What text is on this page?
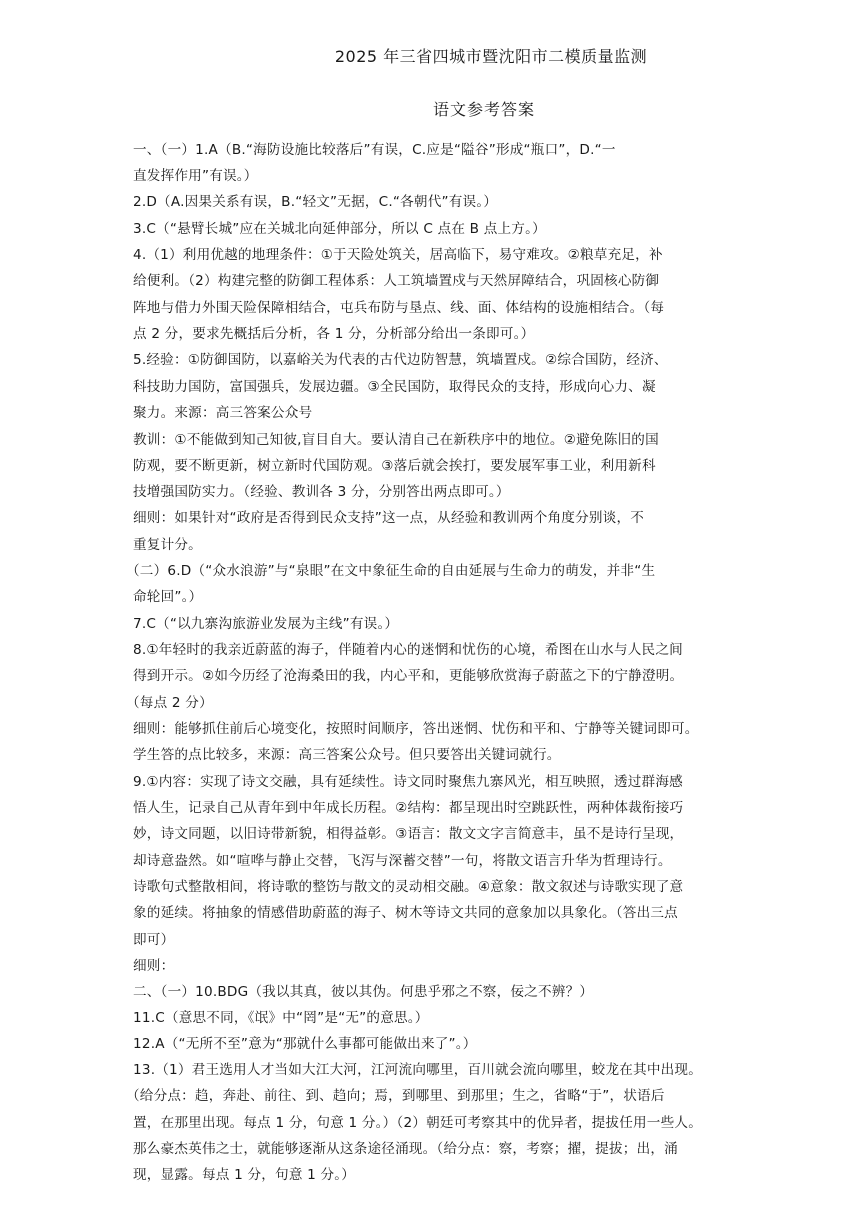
2025 年三省四城市暨沈阳市二模质量监测
语文参考答案
一、（一）1.A（B.“海防设施比较落后”有误，C.应是“隘谷”形成“瓶口”，D.“一
直发挥作用”有误。）
2.D（A.因果关系有误，B.“轻文”无据，C.“各朝代”有误。）
3.C（“悬臂长城”应在关城北向延伸部分，所以 C 点在 B 点上方。）
4.（1）利用优越的地理条件：①于天险处筑关，居高临下，易守难攻。②粮草充足，补
给便利。（2）构建完整的防御工程体系：人工筑墙置戍与天然屏障结合，巩固核心防御
阵地与借力外围天险保障相结合，屯兵布防与垦点、线、面、体结构的设施相结合。（每
点 2 分，要求先概括后分析，各 1 分，分析部分给出一条即可。）
5.经验：①防御国防，以嘉峪关为代表的古代边防智慧，筑墙置戍。②综合国防，经济、
科技助力国防，富国强兵，发展边疆。③全民国防，取得民众的支持，形成向心力、凝
聚力。来源：高三答案公众号
教训：①不能做到知己知彼,盲目自大。要认清自己在新秩序中的地位。②避免陈旧的国
防观，要不断更新，树立新时代国防观。③落后就会挨打，要发展军事工业，利用新科
技增强国防实力。（经验、教训各 3 分，分别答出两点即可。）
细则：如果针对“政府是否得到民众支持”这一点，从经验和教训两个角度分别谈，不
重复计分。
（二）6.D（“众水浪游”与“泉眼”在文中象征生命的自由延展与生命力的萌发，并非“生
命轮回”。）
7.C（“以九寨沟旅游业发展为主线”有误。）
8.①年轻时的我亲近蔚蓝的海子，伴随着内心的迷惘和忧伤的心境，希图在山水与人民之间
得到开示。②如今历经了沧海桑田的我，内心平和，更能够欣赏海子蔚蓝之下的宁静澄明。
（每点 2 分）
细则：能够抓住前后心境变化，按照时间顺序，答出迷惘、忧伤和平和、宁静等关键词即可。
学生答的点比较多，来源：高三答案公众号。但只要答出关键词就行。
9.①内容：实现了诗文交融，具有延续性。诗文同时聚焦九寨风光，相互映照，透过群海感
悟人生，记录自己从青年到中年成长历程。②结构：都呈现出时空跳跃性，两种体裁衔接巧
妙，诗文同题，以旧诗带新貌，相得益彰。③语言：散文文字言简意丰，虽不是诗行呈现，
却诗意盎然。如“喧哗与静止交替，飞泻与深蓄交替”一句，将散文语言升华为哲理诗行。
诗歌句式整散相间，将诗歌的整饬与散文的灵动相交融。④意象：散文叙述与诗歌实现了意
象的延续。将抽象的情感借助蔚蓝的海子、树木等诗文共同的意象加以具象化。（答出三点
即可）
细则：
二、（一）10.BDG（我以其真，彼以其伪。何患乎邪之不察，佞之不辨？）
11.C（意思不同，《氓》中“罔”是“无”的意思。）
12.A（“无所不至”意为“那就什么事都可能做出来了”。）
13.（1）君王选用人才当如大江大河，江河流向哪里，百川就会流向哪里，蛟龙在其中出现。
（给分点：趋，奔赴、前往、到、趋向；焉，到哪里、到那里；生之，省略“于”，状语后
置，在那里出现。每点 1 分，句意 1 分。）（2）朝廷可考察其中的优异者，提拔任用一些人。
那么豪杰英伟之士，就能够逐渐从这条途径涌现。（给分点：察，考察；擢，提拔；出，涌
现，显露。每点 1 分，句意 1 分。）
